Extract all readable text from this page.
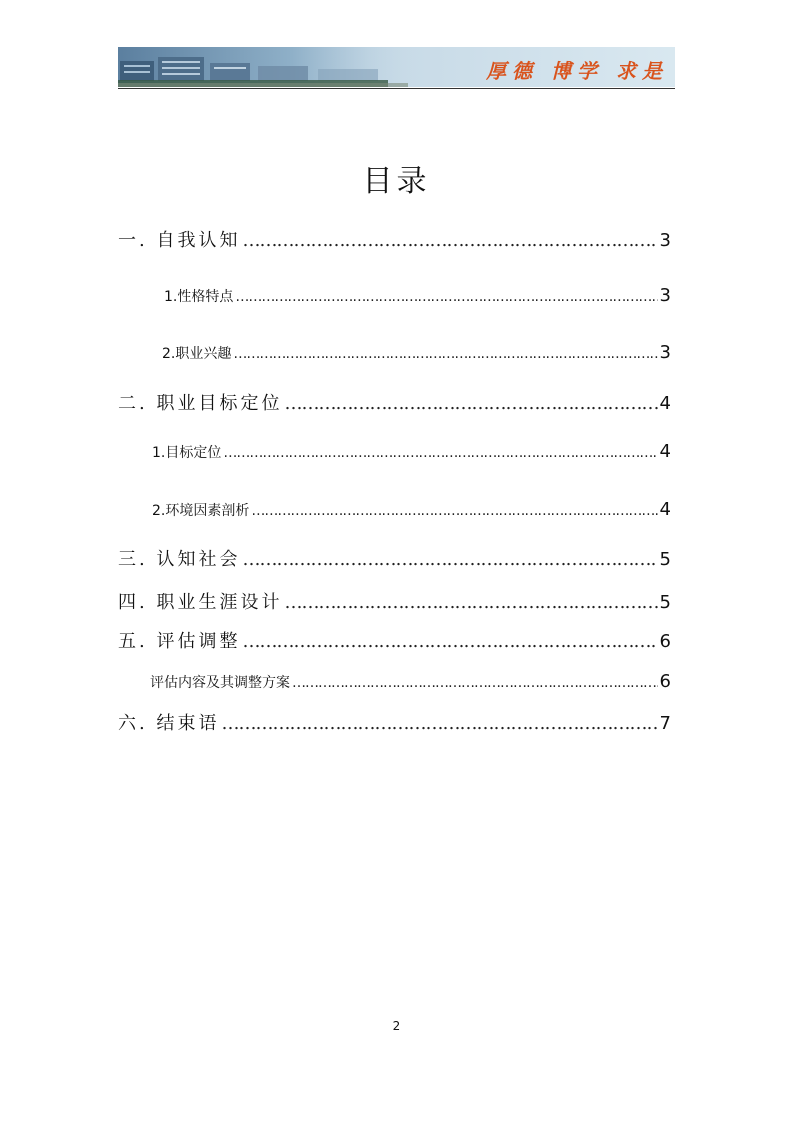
厚德 博学 求是
目录
一. 自我认知 …………………………………………………………………………………………………………………………………………………………	3
1.性格特点 …………………………………………………………………………………………………………………………………………………………	3
2.职业兴趣 …………………………………………………………………………………………………………………………………………………………	3
二. 职业目标定位 …………………………………………………………………………………………………………………………………………………………	4
1.目标定位 …………………………………………………………………………………………………………………………………………………………	4
2.环境因素剖析 …………………………………………………………………………………………………………………………………………………………	4
三. 认知社会 …………………………………………………………………………………………………………………………………………………………	5
四. 职业生涯设计 …………………………………………………………………………………………………………………………………………………………	5
五. 评估调整 …………………………………………………………………………………………………………………………………………………………	6
评估内容及其调整方案 …………………………………………………………………………………………………………………………………………………………	6
六. 结束语 …………………………………………………………………………………………………………………………………………………………	7
2
